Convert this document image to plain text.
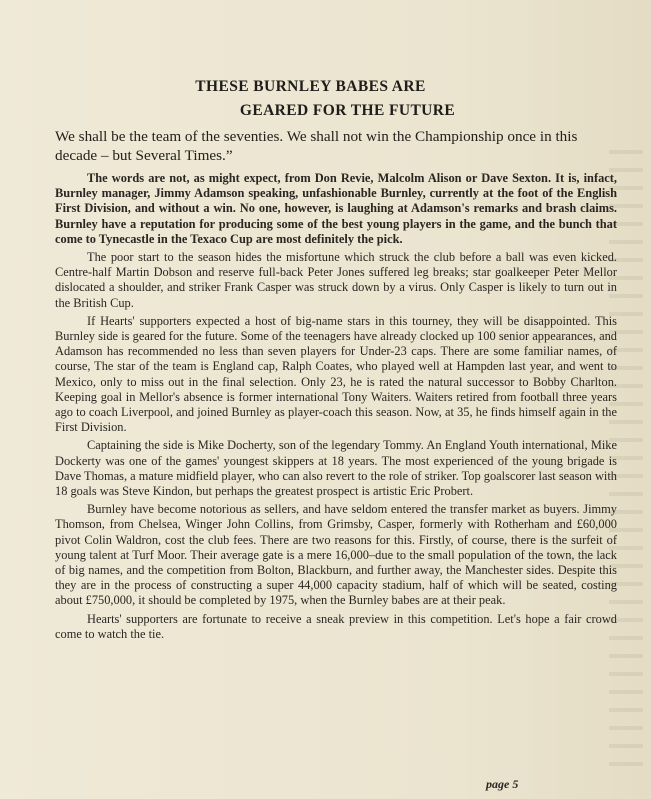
THESE BURNLEY BABES ARE
GEARED FOR THE FUTURE
We shall be the team of the seventies. We shall not win the Championship once in this decade – but Several Times.”

The words are not, as might expect, from Don Revie, Malcolm Alison or Dave Sexton. It is, infact, Burnley manager, Jimmy Adamson speaking, unfashionable Burnley, currently at the foot of the English First Division, and without a win. No one, however, is laughing at Adamson's remarks and brash claims. Burnley have a reputation for producing some of the best young players in the game, and the bunch that come to Tynecastle in the Texaco Cup are most definitely the pick.

The poor start to the season hides the misfortune which struck the club before a ball was even kicked. Centre-half Martin Dobson and reserve full-back Peter Jones suffered leg breaks; star goalkeeper Peter Mellor dislocated a shoulder, and striker Frank Casper was struck down by a virus. Only Casper is likely to turn out in the British Cup.

If Hearts' supporters expected a host of big-name stars in this tourney, they will be disappointed. This Burnley side is geared for the future. Some of the teenagers have already clocked up 100 senior appearances, and Adamson has recommended no less than seven players for Under-23 caps. There are some familiar names, of course, The star of the team is England cap, Ralph Coates, who played well at Hampden last year, and went to Mexico, only to miss out in the final selection. Only 23, he is rated the natural successor to Bobby Charlton. Keeping goal in Mellor's absence is former international Tony Waiters. Waiters retired from football three years ago to coach Liverpool, and joined Burnley as player-coach this season. Now, at 35, he finds himself again in the First Division.

Captaining the side is Mike Docherty, son of the legendary Tommy. An England Youth international, Mike Dockerty was one of the games' youngest skippers at 18 years. The most experienced of the young brigade is Dave Thomas, a mature midfield player, who can also revert to the role of striker. Top goalscorer last season with 18 goals was Steve Kindon, but perhaps the greatest prospect is artistic Eric Probert.

Burnley have become notorious as sellers, and have seldom entered the transfer market as buyers. Jimmy Thomson, from Chelsea, Winger John Collins, from Grimsby, Casper, formerly with Rotherham and £60,000 pivot Colin Waldron, cost the club fees. There are two reasons for this. Firstly, of course, there is the surfeit of young talent at Turf Moor. Their average gate is a mere 16,000–due to the small population of the town, the lack of big names, and the competition from Bolton, Blackburn, and further away, the Manchester sides. Despite this they are in the process of constructing a super 44,000 capacity stadium, half of which will be seated, costing about £750,000, it should be completed by 1975, when the Burnley babes are at their peak.

Hearts' supporters are fortunate to receive a sneak preview in this competition. Let's hope a fair crowd come to watch the tie.

page 5
